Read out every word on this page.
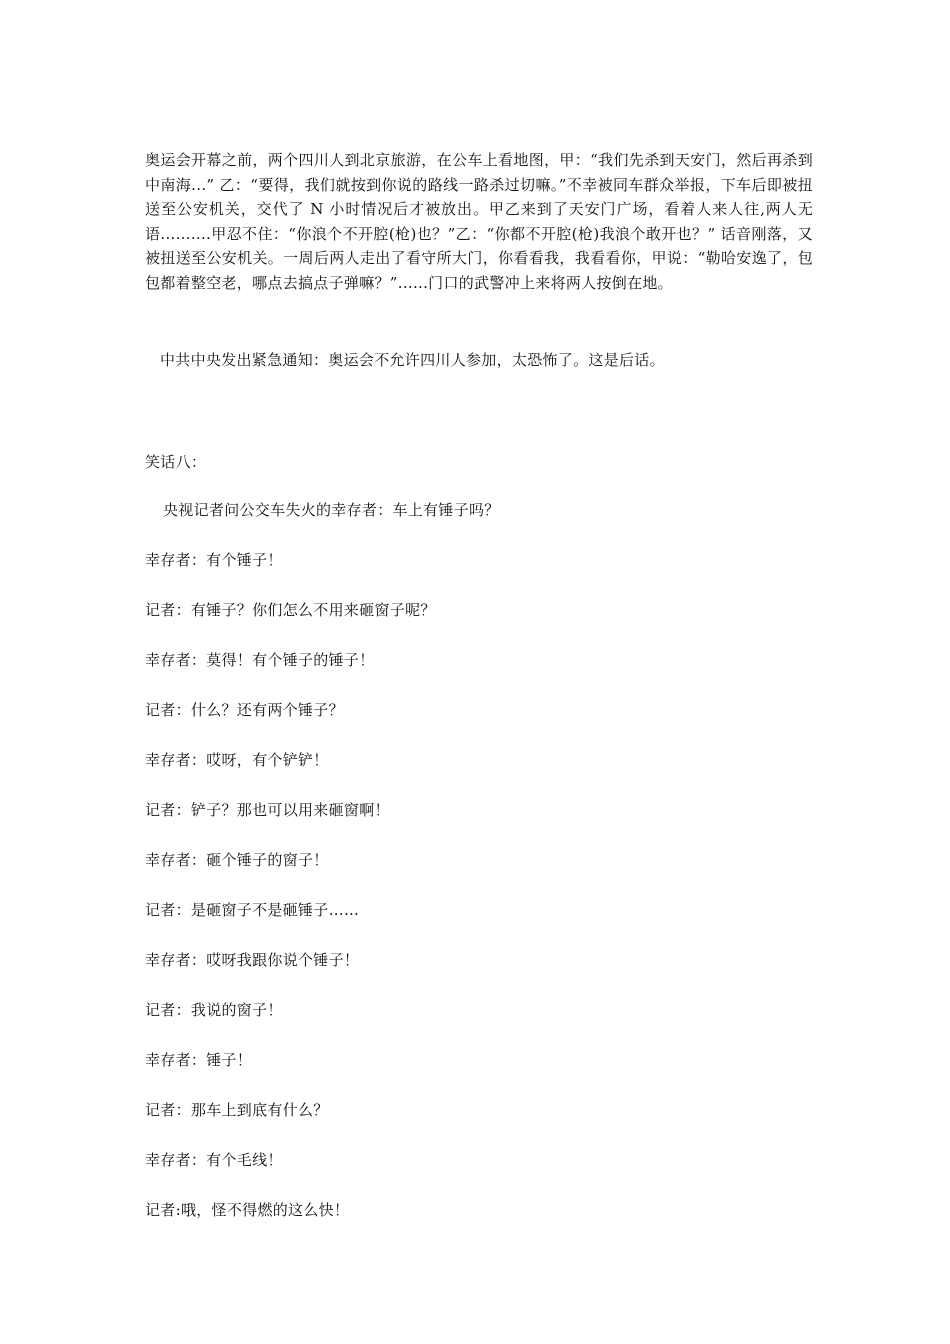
奥运会开幕之前，两个四川人到北京旅游，在公车上看地图，甲：“我们先杀到天安门，然后再杀到中南海...” 乙：“要得，我们就按到你说的路线一路杀过切嘛。”不幸被同车群众举报，下车后即被扭送至公安机关，交代了 N 小时情况后才被放出。甲乙来到了天安门广场，看着人来人往,两人无语..........甲忍不住：“你浪个不开腔(枪)也？”乙：“你都不开腔(枪)我浪个敢开也？” 话音刚落，又被扭送至公安机关。一周后两人走出了看守所大门，你看看我，我看看你，甲说：“勒哈安逸了，包包都着整空老，哪点去搞点子弹嘛？”......门口的武警冲上来将两人按倒在地。

中共中央发出紧急通知：奥运会不允许四川人参加，太恐怖了。这是后话。

笑话八：

央视记者问公交车失火的幸存者：车上有锤子吗？

幸存者：有个锤子！

记者：有锤子？你们怎么不用来砸窗子呢？

幸存者：莫得！有个锤子的锤子！

记者：什么？还有两个锤子？

幸存者：哎呀，有个铲铲！

记者：铲子？那也可以用来砸窗啊！

幸存者：砸个锤子的窗子！

记者：是砸窗子不是砸锤子……

幸存者：哎呀我跟你说个锤子！

记者：我说的窗子！

幸存者：锤子！

记者：那车上到底有什么？

幸存者：有个毛线！

记者:哦，怪不得燃的这么快！
